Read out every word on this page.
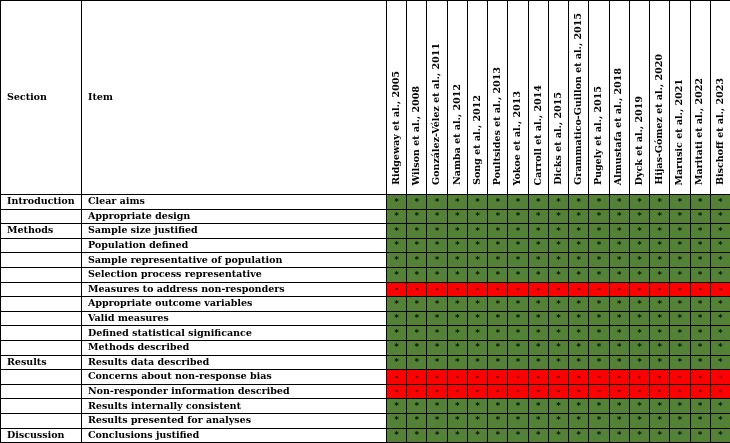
Section	Item	Ridgeway et al., 2005	Wilson et al., 2008	González-Vélez et al., 2011	Namba et al., 2012	Song et al., 2012	Poultsides et al., 2013	Yokoe et al., 2013	Carroll et al., 2014	Dicks et al., 2015	Grammatico-Guillon et al., 2015	Pugely et al., 2015	Almustafa et al., 2018	Dyck et al., 2019	Hijas-Gómez et al., 2020	Marusic et al., 2021	Maritati et al., 2022	Bischoff et al., 2023
Introduction	Clear aims	*	*	*	*	*	*	*	*	*	*	*	*	*	*	*	*	*
	Appropriate design	*	*	*	*	*	*	*	*	*	*	*	*	*	*	*	*	*
Methods	Sample size justified	*	*	*	*	*	*	*	*	*	*	*	*	*	*	*	*	*
	Population defined	*	*	*	*	*	*	*	*	*	*	*	*	*	*	*	*	*
	Sample representative of population	*	*	*	*	*	*	*	*	*	*	*	*	*	*	*	*	*
	Selection process representative	*	*	*	*	*	*	*	*	*	*	*	*	*	*	*	*	*
	Measures to address non-responders	-	-	-	-	-	-	-	-	-	-	-	-	-	-	-	-	-
	Appropriate outcome variables	*	*	*	*	*	*	*	*	*	*	*	*	*	*	*	*	*
	Valid measures	*	*	*	*	*	*	*	*	*	*	*	*	*	*	*	*	*
	Defined statistical significance	*	*	*	*	*	*	*	*	*	*	*	*	*	*	*	*	*
	Methods described	*	*	*	*	*	*	*	*	*	*	*	*	*	*	*	*	*
Results	Results data described	*	*	*	*	*	*	*	*	*	*	*	*	*	*	*	*	*
	Concerns about non-response bias	-	-	-	-	-	-	-	-	-	-	-	-	-	-	-	-	-
	Non-responder information described	-	-	-	-	-	-	-	-	-	-	-	-	-	-	-	-	-
	Results internally consistent	*	*	*	*	*	*	*	*	*	*	*	*	*	*	*	*	*
	Results presented for analyses	*	*	*	*	*	*	*	*	*	*	*	*	*	*	*	*	*
Discussion	Conclusions justified	*	*	*	*	*	*	*	*	*	*	*	*	*	*	*	*	*
